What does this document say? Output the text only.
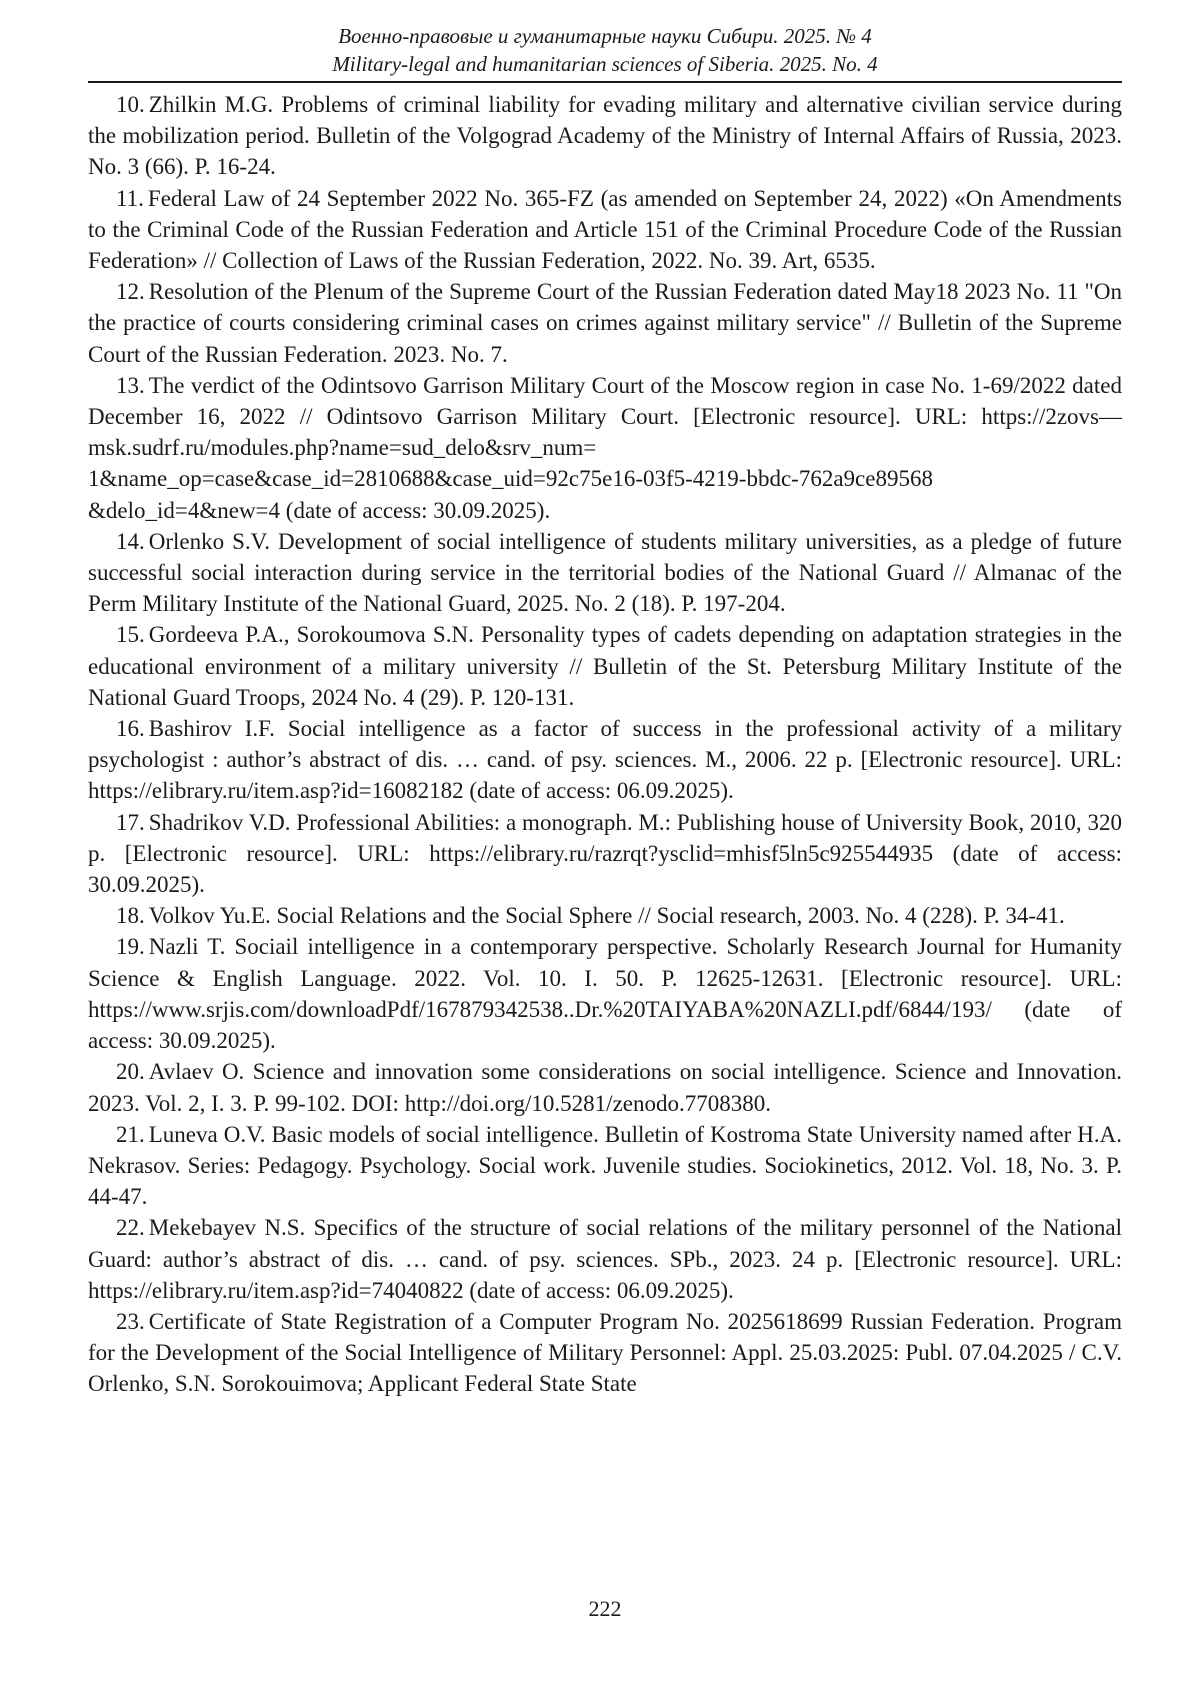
Военно-правовые и гуманитарные науки Сибири. 2025. № 4
Military-legal and humanitarian sciences of Siberia. 2025. No. 4
10. Zhilkin M.G. Problems of criminal liability for evading military and alternative civilian service during the mobilization period. Bulletin of the Volgograd Academy of the Ministry of Internal Affairs of Russia, 2023. No. 3 (66). P. 16-24.
11. Federal Law of 24 September 2022 No. 365-FZ (as amended on September 24, 2022) «On Amendments to the Criminal Code of the Russian Federation and Article 151 of the Criminal Procedure Code of the Russian Federation» // Collection of Laws of the Russian Federation, 2022. No. 39. Art, 6535.
12. Resolution of the Plenum of the Supreme Court of the Russian Federation dated May18 2023 No. 11 "On the practice of courts considering criminal cases on crimes against military service" // Bulletin of the Supreme Court of the Russian Federation. 2023. No. 7.
13. The verdict of the Odintsovo Garrison Military Court of the Moscow region in case No. 1-69/2022 dated December 16, 2022 // Odintsovo Garrison Military Court. [Electronic resource]. URL: https://2zovs—msk.sudrf.ru/modules.php?name=sud_delo&srv_num= 1&name_op=case&case_id=2810688&case_uid=92c75e16-03f5-4219-bbdc-762a9ce89568 &delo_id=4&new=4 (date of access: 30.09.2025).
14. Orlenko S.V. Development of social intelligence of students military universities, as a pledge of future successful social interaction during service in the territorial bodies of the National Guard // Almanac of the Perm Military Institute of the National Guard, 2025. No. 2 (18). P. 197-204.
15. Gordeeva P.A., Sorokoumova S.N. Personality types of cadets depending on adaptation strategies in the educational environment of a military university // Bulletin of the St. Petersburg Military Institute of the National Guard Troops, 2024 No. 4 (29). P. 120-131.
16. Bashirov I.F. Social intelligence as a factor of success in the professional activity of a military psychologist : author’s abstract of dis. … cand. of psy. sciences. M., 2006. 22 p. [Electronic resource]. URL: https://elibrary.ru/item.asp?id=16082182 (date of access: 06.09.2025).
17. Shadrikov V.D. Professional Abilities: a monograph. M.: Publishing house of University Book, 2010, 320 p. [Electronic resource]. URL: https://elibrary.ru/razrqt?ysclid=mhisf5ln5c925544935 (date of access: 30.09.2025).
18. Volkov Yu.E. Social Relations and the Social Sphere // Social research, 2003. No. 4 (228). P. 34-41.
19. Nazli T. Sociail intelligence in a contemporary perspective. Scholarly Research Journal for Humanity Science & English Language. 2022. Vol. 10. I. 50. P. 12625-12631. [Electronic resource]. URL: https://www.srjis.com/downloadPdf/167879342538..Dr.%20TAIYABA%20NAZLI.pdf/6844/193/ (date of access: 30.09.2025).
20. Avlaev O. Science and innovation some considerations on social intelligence. Science and Innovation. 2023. Vol. 2, I. 3. P. 99-102. DOI: http://doi.org/10.5281/zenodo.7708380.
21. Luneva O.V. Basic models of social intelligence. Bulletin of Kostroma State University named after H.A. Nekrasov. Series: Pedagogy. Psychology. Social work. Juvenile studies. Sociokinetics, 2012. Vol. 18, No. 3. P. 44-47.
22. Mekebayev N.S. Specifics of the structure of social relations of the military personnel of the National Guard: author’s abstract of dis. … cand. of psy. sciences. SPb., 2023. 24 p. [Electronic resource]. URL: https://elibrary.ru/item.asp?id=74040822 (date of access: 06.09.2025).
23. Certificate of State Registration of a Computer Program No. 2025618699 Russian Federation. Program for the Development of the Social Intelligence of Military Personnel: Appl. 25.03.2025: Publ. 07.04.2025 / C.V. Orlenko, S.N. Sorokouimova; Applicant Federal State State
222
